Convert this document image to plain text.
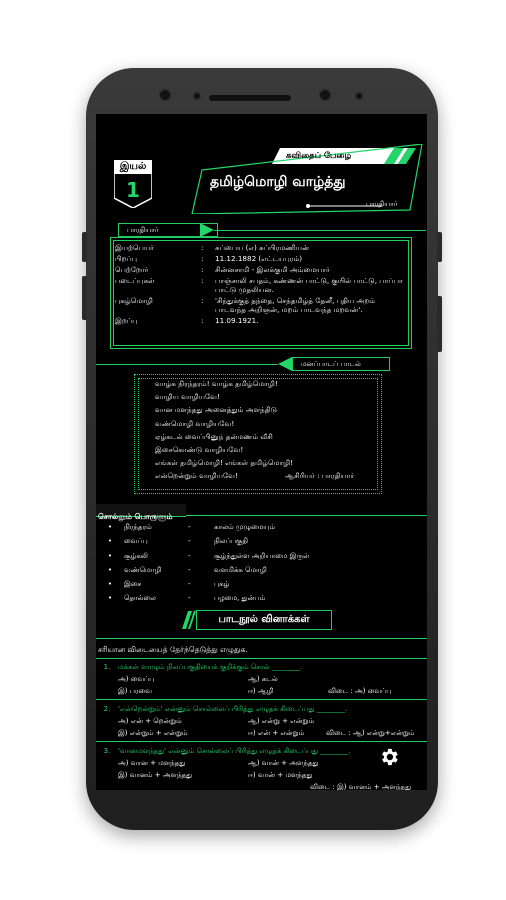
இயல்
1
கவிதைப் பேழை
தமிழ்மொழி வாழ்த்து
பாரதியார்
பாரதியார்
இயற்பெயர்	:	சுப்பைய (எ) சுப்பிரமணியன்
பிறப்பு	:	11.12.1882 (எட்டயபுரம்)
பெற்றோர்	:	சின்னசாமி - இலக்குமி அம்மையார்
படைப்புகள்	:	பாஞ்சாலி சபதம், கண்ணன் பாட்டு, குயில் பாட்டு, பாப்பா பாட்டு முதலியன.
புகழ்மொழி	:	'சிந்துக்குத் தந்தை, செந்தமிழ்த் தேனீ, புதிய அறம் பாடவந்த அறிஞன், மறம் பாடவந்த மறவன்'.
இறப்பு	:	11.09.1921.
மனப்பாடப் பாடல்
வாழ்க நிரந்தரம்! வாழ்க தமிழ்மொழி!
வாழிய வாழியவே!
வான மளந்தது அனைத்தும் அளந்திடு
வண்மொழி வாழியவே!
ஏழ்கடல் வைப்பினுந் தன்மணம் வீசி
இசைகொண்டு வாழியவே!
எங்கள் தமிழ்மொழி! எங்கள் தமிழ்மொழி!
என்றென்றும் வாழியவே!	ஆசிரியர் : பாரதியார்
சொல்லும் பொருளும்
•	நிரந்தரம்	-	காலம் முழுமையும்
•	வைப்பு	-	நிலப்பகுதி
•	சூழ்கலி	-	சூழ்ந்துள்ள அறியாமை இருள்
•	வண்மொழி	-	வளமிக்க மொழி
•	இசை	-	புகழ்
•	தொல்லை	-	பழமை, துன்பம்
பாடநூல் வினாக்கள்
சரியான விடையைத் தேர்ந்தெடுத்து எழுதுக.
1.	மக்கள் வாழும் நிலப்பகுதியைக் குறிக்கும் சொல் ________.
அ) வைப்பு	ஆ) கடல்
இ) பரவை	ஈ) ஆழி	விடை : அ) வைப்பு
2.	'என்றென்றும்' என்னும் சொல்லைப் பிரித்து எழுதக் கிடைப்பது ________.
அ) என் + றென்றும்	ஆ) என்று + என்றும்
இ) என்றும் + என்றும்	ஈ) என் + என்றும்	விடை : ஆ) என்று+என்றும்
3.	'வானமளந்தது' என்னும் சொல்லைப் பிரித்து எழுதக் கிடைப்பது ________.
அ) வான + மளந்தது	ஆ) வான் + அளந்தது
இ) வானம் + அளந்தது	ஈ) வான் + மளந்தது
விடை : இ) வானம் + அளந்தது
